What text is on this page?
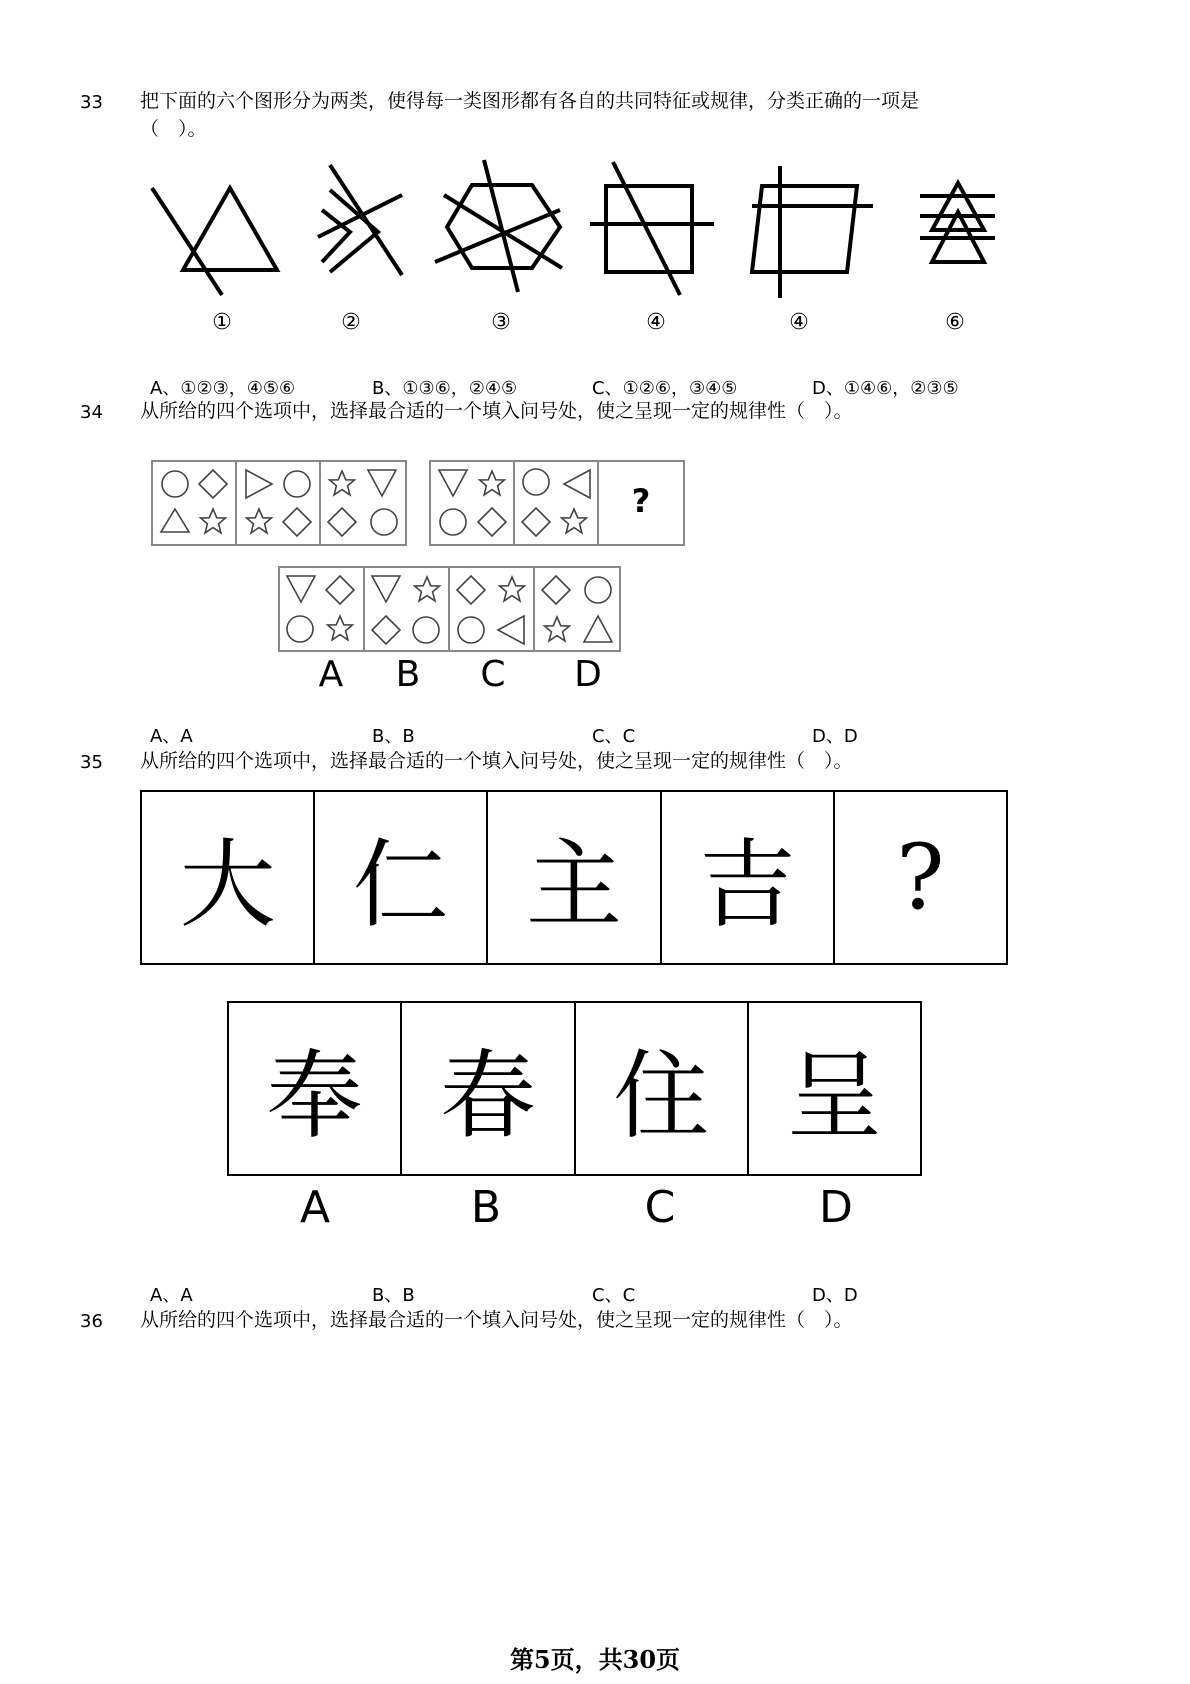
33 把下面的六个图形分为两类，使得每一类图形都有各自的共同特征或规律，分类正确的一项是
（　）。
①	②	③	④	④	⑥
A、①②③，④⑤⑥	B、①③⑥，②④⑤	C、①②⑥，③④⑤	D、①④⑥，②③⑤
34 从所给的四个选项中，选择最合适的一个填入问号处，使之呈现一定的规律性（　）。
?
A B C D
A、A	B、B	C、C	D、D
35 从所给的四个选项中，选择最合适的一个填入问号处，使之呈现一定的规律性（　）。
大 仁 主 吉	?
奉 春 住 呈
A	B	C	D
A、A	B、B	C、C	D、D
36 从所给的四个选项中，选择最合适的一个填入问号处，使之呈现一定的规律性（　）。
第5页，共30页
